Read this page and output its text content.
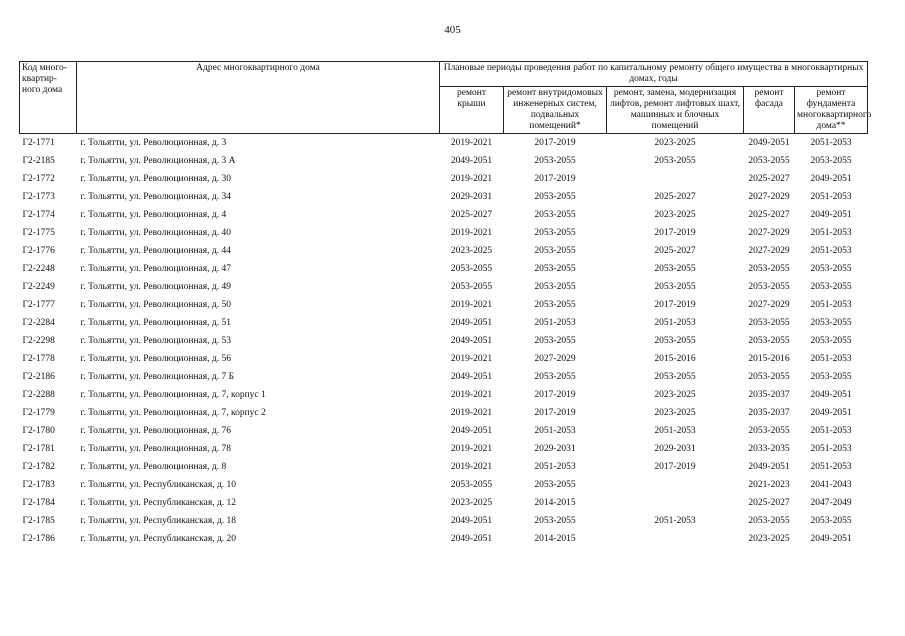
405
Код много-квартир-ного дома	Адрес многоквартирного дома	Плановые периоды проведения работ по капитальному ремонту общего имущества в многоквартирных домах, годы				
		ремонт крыши	ремонт внутридомовых инженерных систем, подвальных помещений*	ремонт, замена, модернизация лифтов, ремонт лифтовых шахт, машинных и блочных помещений	ремонт фасада	ремонт фундамента многоквартирного дома**
Г2-1771	г. Тольятти, ул. Революционная, д. 3	2019-2021	2017-2019	2023-2025	2049-2051	2051-2053
Г2-2185	г. Тольятти, ул. Революционная, д. 3 А	2049-2051	2053-2055	2053-2055	2053-2055	2053-2055
Г2-1772	г. Тольятти, ул. Революционная, д. 30	2019-2021	2017-2019		2025-2027	2049-2051
Г2-1773	г. Тольятти, ул. Революционная, д. 34	2029-2031	2053-2055	2025-2027	2027-2029	2051-2053
Г2-1774	г. Тольятти, ул. Революционная, д. 4	2025-2027	2053-2055	2023-2025	2025-2027	2049-2051
Г2-1775	г. Тольятти, ул. Революционная, д. 40	2019-2021	2053-2055	2017-2019	2027-2029	2051-2053
Г2-1776	г. Тольятти, ул. Революционная, д. 44	2023-2025	2053-2055	2025-2027	2027-2029	2051-2053
Г2-2248	г. Тольятти, ул. Революционная, д. 47	2053-2055	2053-2055	2053-2055	2053-2055	2053-2055
Г2-2249	г. Тольятти, ул. Революционная, д. 49	2053-2055	2053-2055	2053-2055	2053-2055	2053-2055
Г2-1777	г. Тольятти, ул. Революционная, д. 50	2019-2021	2053-2055	2017-2019	2027-2029	2051-2053
Г2-2284	г. Тольятти, ул. Революционная, д. 51	2049-2051	2051-2053	2051-2053	2053-2055	2053-2055
Г2-2298	г. Тольятти, ул. Революционная, д. 53	2049-2051	2053-2055	2053-2055	2053-2055	2053-2055
Г2-1778	г. Тольятти, ул. Революционная, д. 56	2019-2021	2027-2029	2015-2016	2015-2016	2051-2053
Г2-2186	г. Тольятти, ул. Революционная, д. 7 Б	2049-2051	2053-2055	2053-2055	2053-2055	2053-2055
Г2-2288	г. Тольятти, ул. Революционная, д. 7, корпус 1	2019-2021	2017-2019	2023-2025	2035-2037	2049-2051
Г2-1779	г. Тольятти, ул. Революционная, д. 7, корпус 2	2019-2021	2017-2019	2023-2025	2035-2037	2049-2051
Г2-1780	г. Тольятти, ул. Революционная, д. 76	2049-2051	2051-2053	2051-2053	2053-2055	2051-2053
Г2-1781	г. Тольятти, ул. Революционная, д. 78	2019-2021	2029-2031	2029-2031	2033-2035	2051-2053
Г2-1782	г. Тольятти, ул. Революционная, д. 8	2019-2021	2051-2053	2017-2019	2049-2051	2051-2053
Г2-1783	г. Тольятти, ул. Республиканская, д. 10	2053-2055	2053-2055		2021-2023	2041-2043
Г2-1784	г. Тольятти, ул. Республиканская, д. 12	2023-2025	2014-2015		2025-2027	2047-2049
Г2-1785	г. Тольятти, ул. Республиканская, д. 18	2049-2051	2053-2055	2051-2053	2053-2055	2053-2055
Г2-1786	г. Тольятти, ул. Республиканская, д. 20	2049-2051	2014-2015		2023-2025	2049-2051
